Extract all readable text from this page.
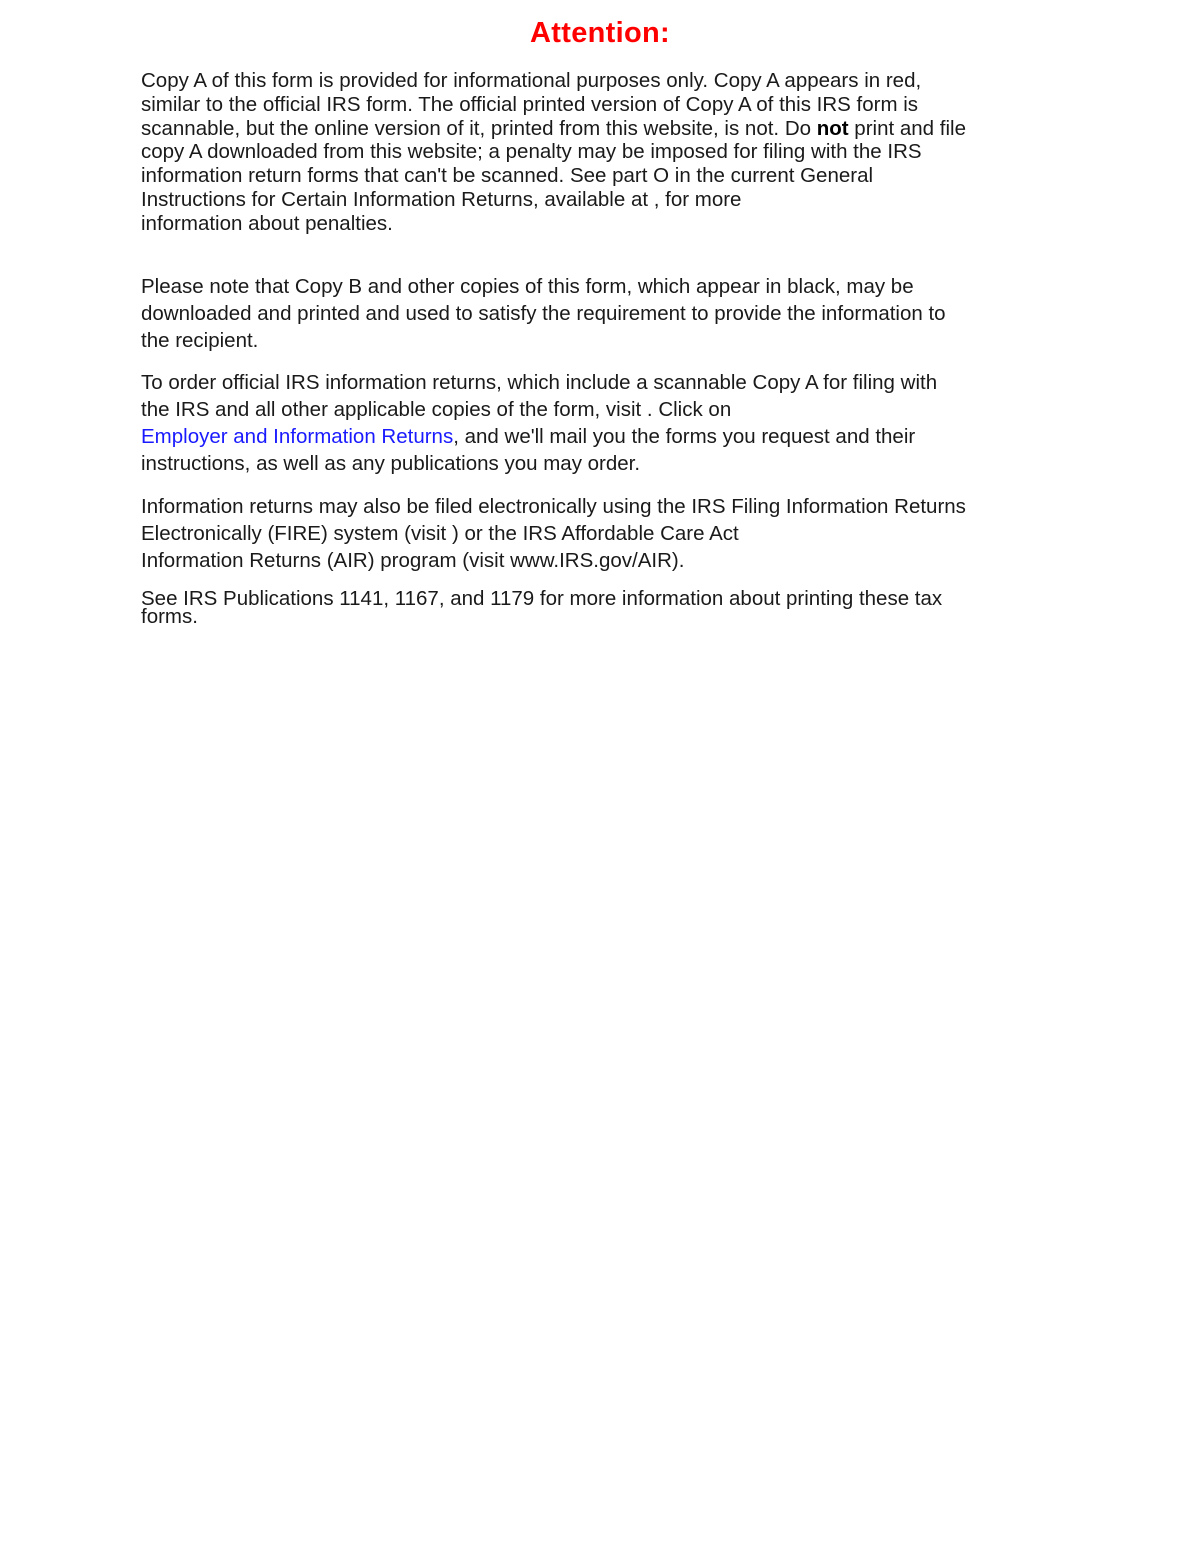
Attention:
Copy A of this form is provided for informational purposes only. Copy A appears in red,
similar to the official IRS form. The official printed version of Copy A of this IRS form is
scannable, but the online version of it, printed from this website, is not. Do not print and file
copy A downloaded from this website; a penalty may be imposed for filing with the IRS
information return forms that can't be scanned. See part O in the current General
Instructions for Certain Information Returns, available at , for more
information about penalties.
Please note that Copy B and other copies of this form, which appear in black, may be
downloaded and printed and used to satisfy the requirement to provide the information to
the recipient.
To order official IRS information returns, which include a scannable Copy A for filing with
the IRS and all other applicable copies of the form, visit . Click on
Employer and Information Returns, and we'll mail you the forms you request and their
instructions, as well as any publications you may order.
Information returns may also be filed electronically using the IRS Filing Information Returns
Electronically (FIRE) system (visit ) or the IRS Affordable Care Act
Information Returns (AIR) program (visit www.IRS.gov/AIR).
See IRS Publications 1141, 1167, and 1179 for more information about printing these tax
forms.
